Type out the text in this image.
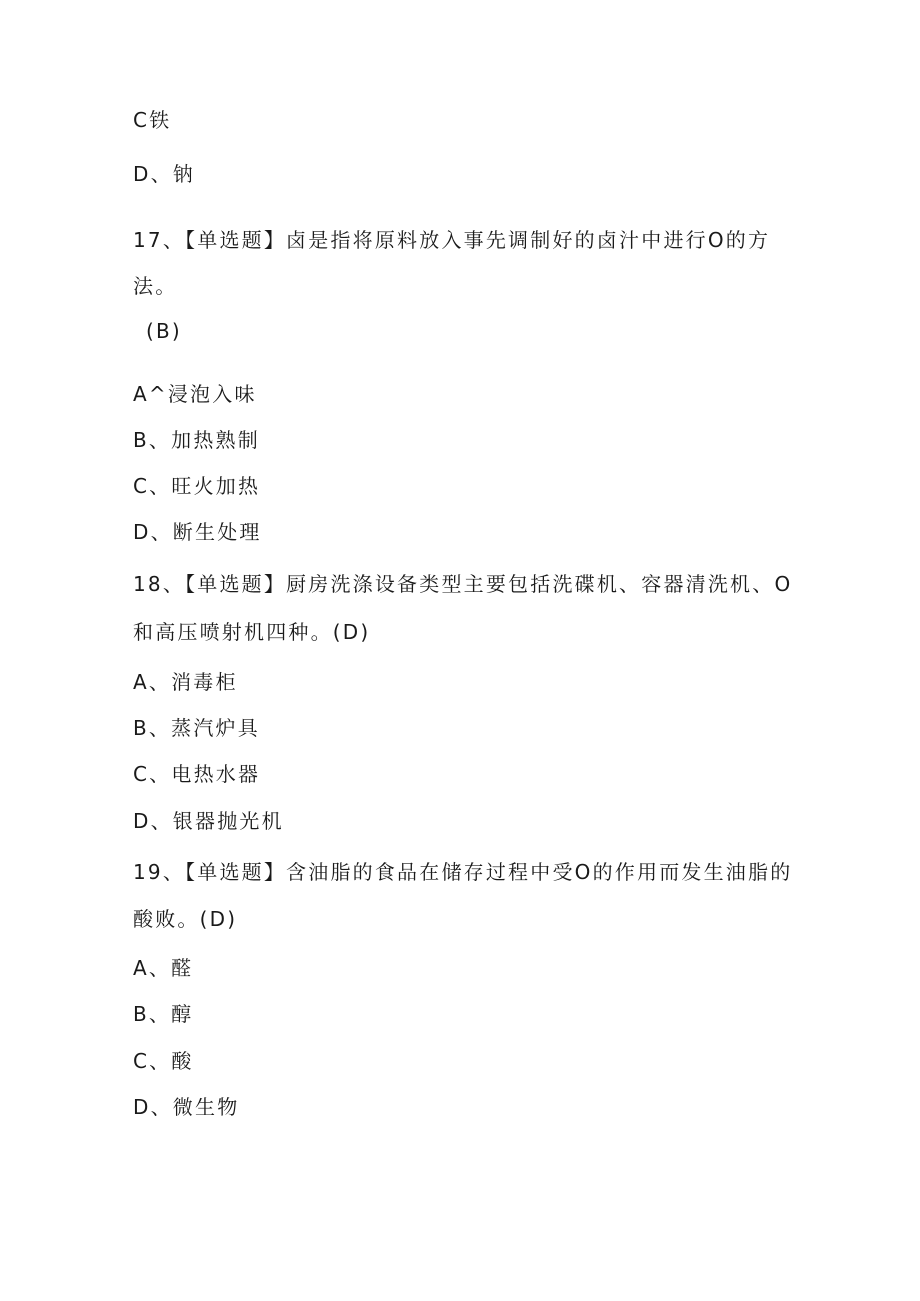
C铁
D、钠
17、【单选题】卤是指将原料放入事先调制好的卤汁中进行O的方
法。
(B)
A^浸泡入味
B、加热熟制
C、旺火加热
D、断生处理
18、【单选题】厨房洗涤设备类型主要包括洗碟机、容器清洗机、O
和高压喷射机四种。(D)
A、消毒柜
B、蒸汽炉具
C、电热水器
D、银器抛光机
19、【单选题】含油脂的食品在储存过程中受O的作用而发生油脂的
酸败。(D)
A、醛
B、醇
C、酸
D、微生物
